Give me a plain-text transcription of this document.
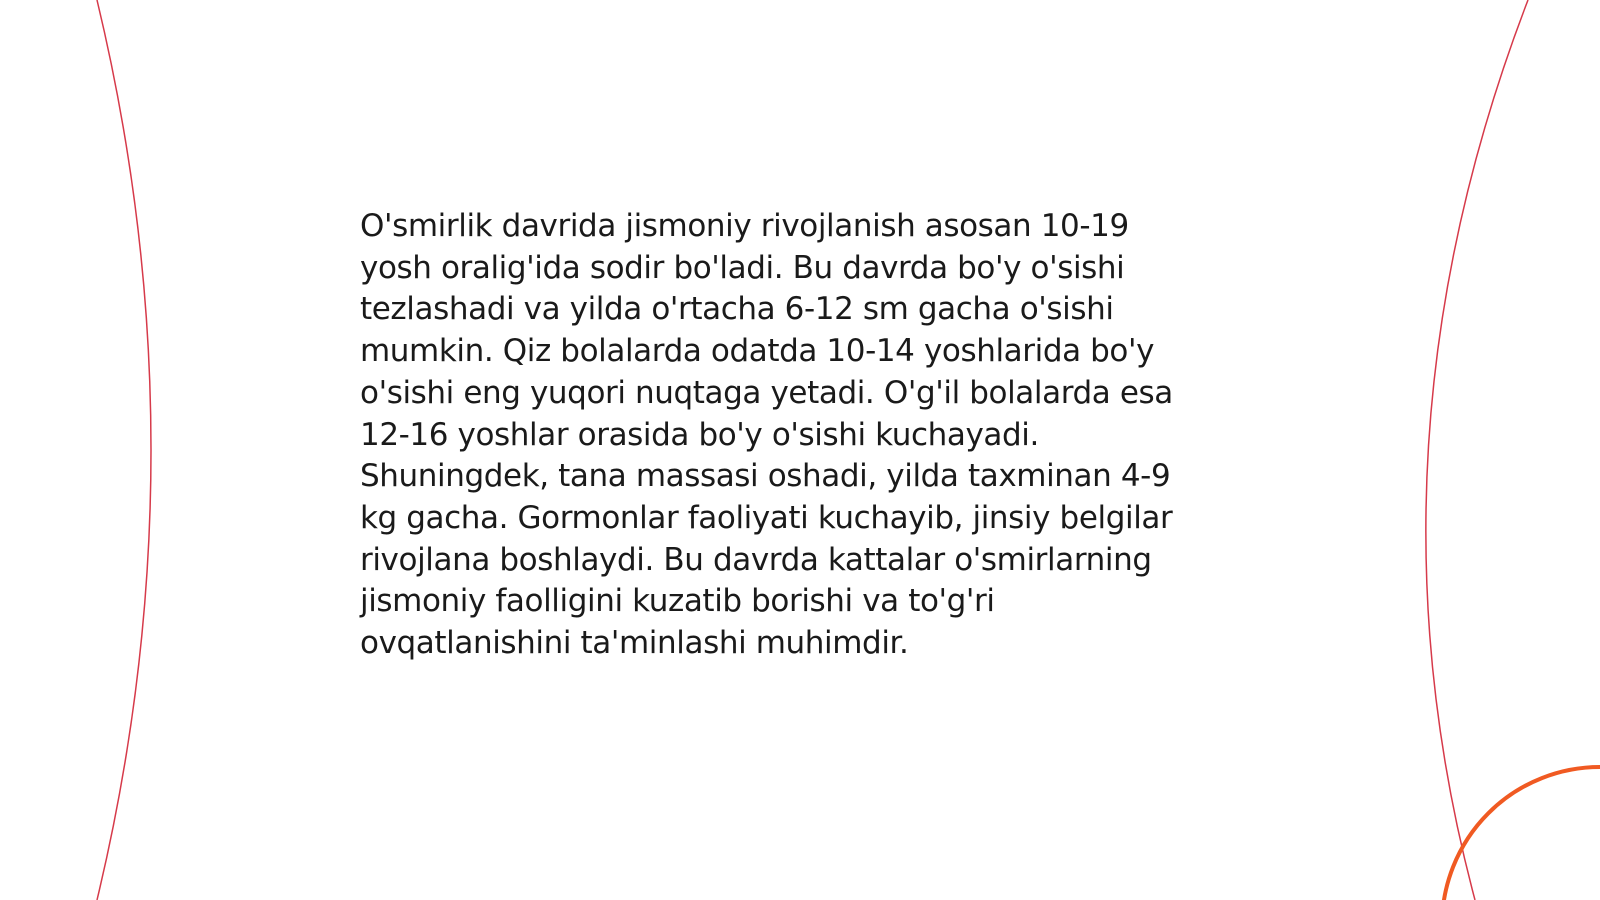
O'smirlik davrida jismoniy rivojlanish asosan 10-19
yosh oralig'ida sodir bo'ladi. Bu davrda bo'y o'sishi
tezlashadi va yilda o'rtacha 6-12 sm gacha o'sishi
mumkin. Qiz bolalarda odatda 10-14 yoshlarida bo'y
o'sishi eng yuqori nuqtaga yetadi. O'g'il bolalarda esa
12-16 yoshlar orasida bo'y o'sishi kuchayadi.
Shuningdek, tana massasi oshadi, yilda taxminan 4-9
kg gacha. Gormonlar faoliyati kuchayib, jinsiy belgilar
rivojlana boshlaydi. Bu davrda kattalar o'smirlarning
jismoniy faolligini kuzatib borishi va to'g'ri
ovqatlanishini ta'minlashi muhimdir.
